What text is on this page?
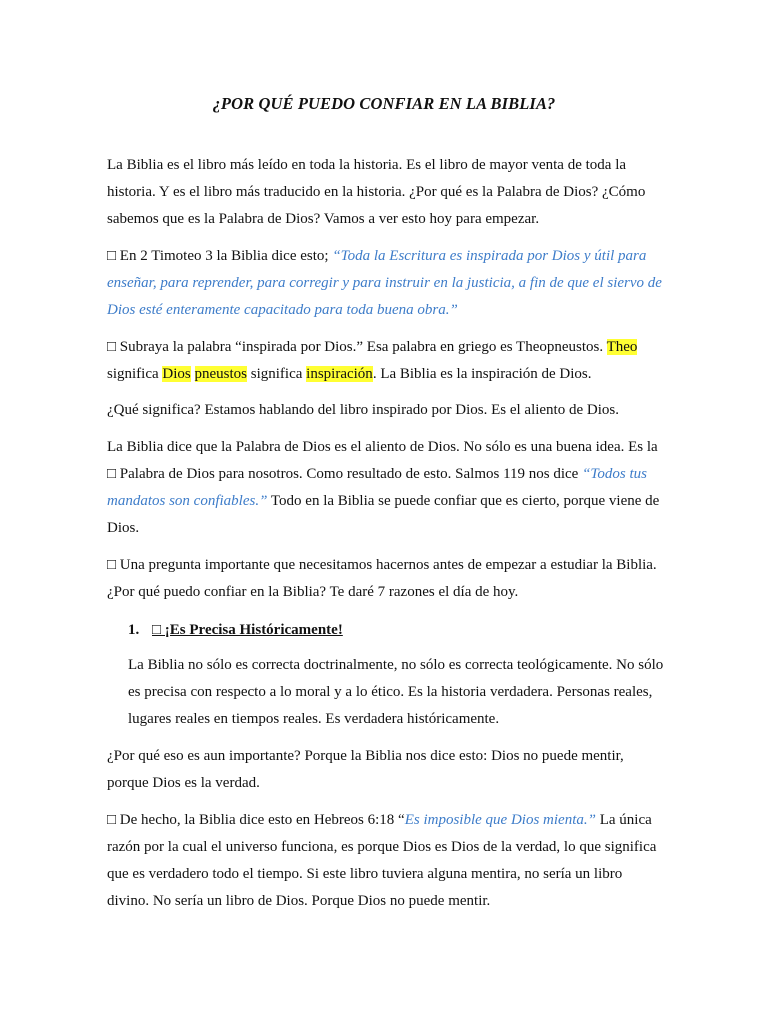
¿POR QUÉ PUEDO CONFIAR EN LA BIBLIA?

La Biblia es el libro más leído en toda la historia. Es el libro de mayor venta de toda la historia. Y es el libro más traducido en la historia. ¿Por qué es la Palabra de Dios? ¿Cómo sabemos que es la Palabra de Dios? Vamos a ver esto hoy para empezar.

□ En 2 Timoteo 3 la Biblia dice esto; “Toda la Escritura es inspirada por Dios y útil para enseñar, para reprender, para corregir y para instruir en la justicia, a fin de que el siervo de Dios esté enteramente capacitado para toda buena obra.”

□ Subraya la palabra “inspirada por Dios.” Esa palabra en griego es Theopneustos. Theo significa Dios pneustos significa inspiración. La Biblia es la inspiración de Dios.

¿Qué significa? Estamos hablando del libro inspirado por Dios. Es el aliento de Dios.

La Biblia dice que la Palabra de Dios es el aliento de Dios. No sólo es una buena idea. Es la □ Palabra de Dios para nosotros. Como resultado de esto. Salmos 119 nos dice “Todos tus mandatos son confiables.” Todo en la Biblia se puede confiar que es cierto, porque viene de Dios.

□ Una pregunta importante que necesitamos hacernos antes de empezar a estudiar la Biblia. ¿Por qué puedo confiar en la Biblia? Te daré 7 razones el día de hoy.

1. □ ¡Es Precisa Históricamente!

La Biblia no sólo es correcta doctrinalmente, no sólo es correcta teológicamente. No sólo es precisa con respecto a lo moral y a lo ético. Es la historia verdadera. Personas reales, lugares reales en tiempos reales. Es verdadera históricamente.

¿Por qué eso es aun importante? Porque la Biblia nos dice esto: Dios no puede mentir, porque Dios es la verdad.

□ De hecho, la Biblia dice esto en Hebreos 6:18 “Es imposible que Dios mienta.” La única razón por la cual el universo funciona, es porque Dios es Dios de la verdad, lo que significa que es verdadero todo el tiempo. Si este libro tuviera alguna mentira, no sería un libro divino. No sería un libro de Dios. Porque Dios no puede mentir.
